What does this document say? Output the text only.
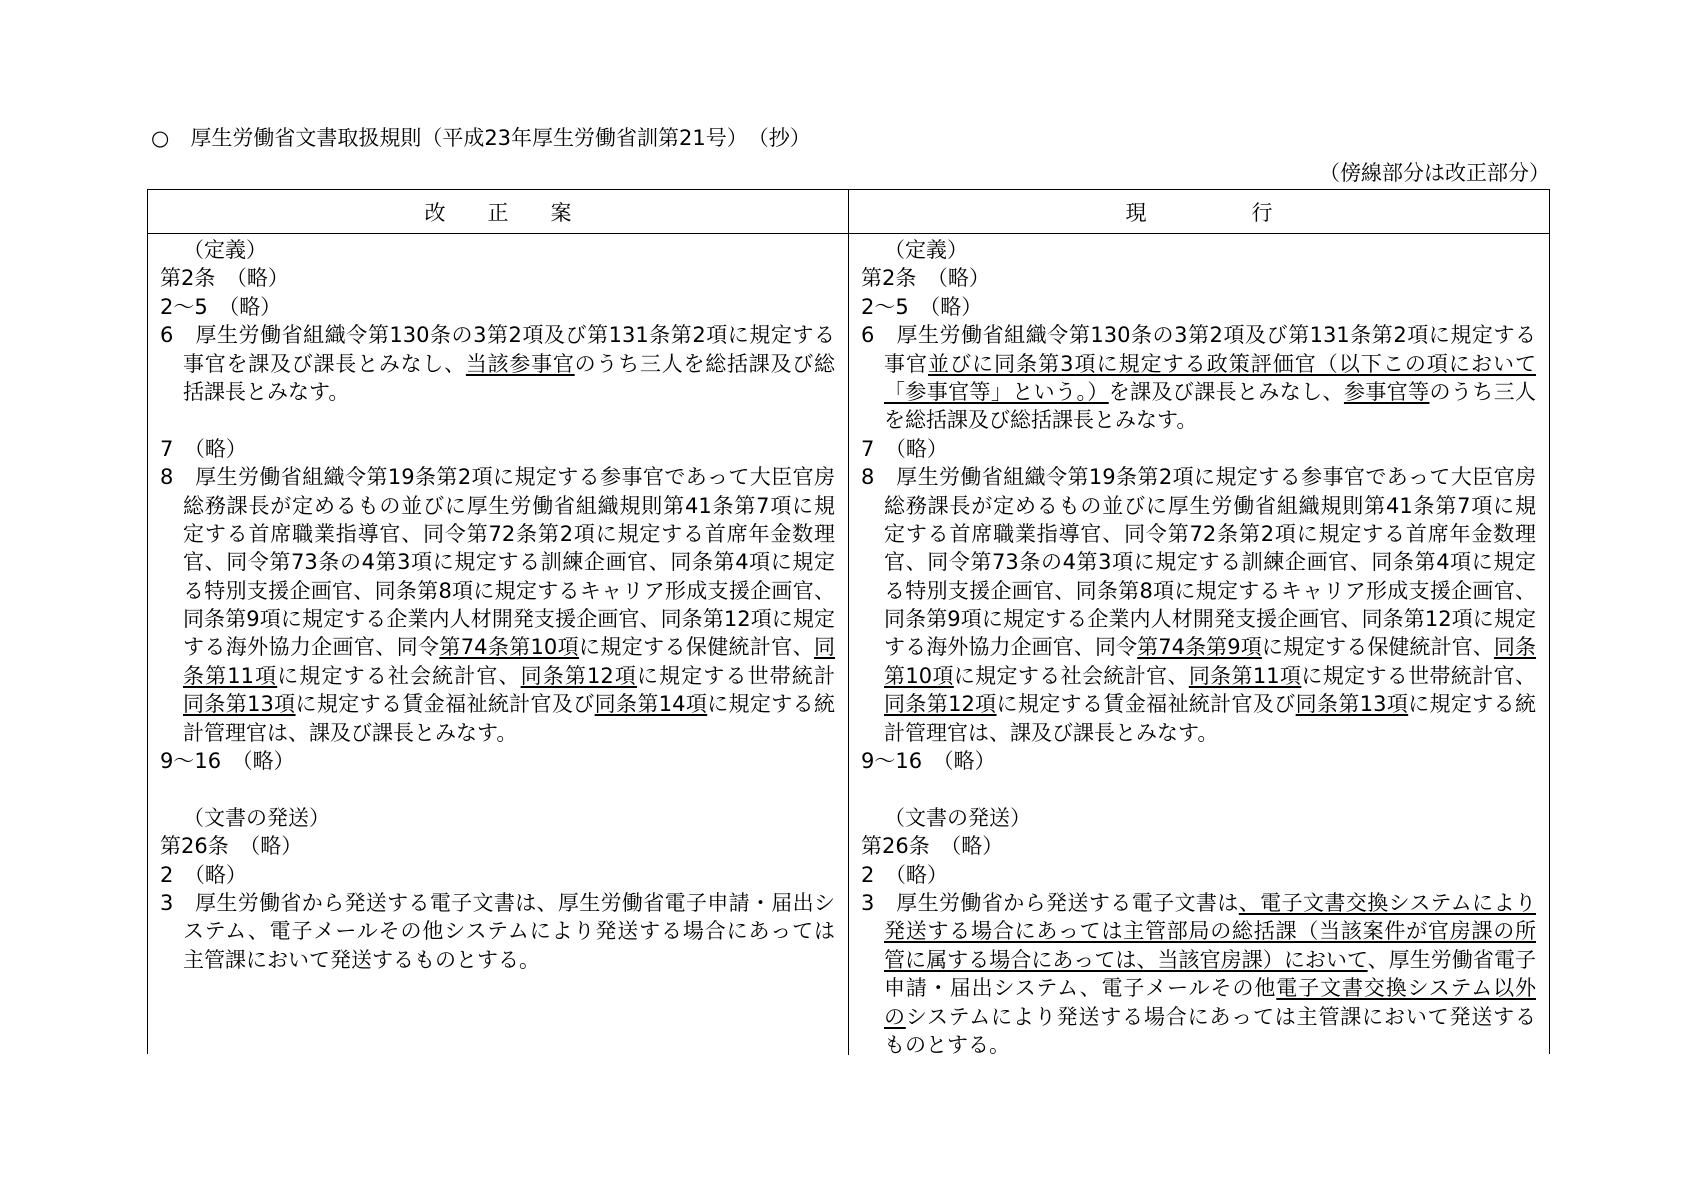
○　厚生労働省文書取扱規則（平成23年厚生労働省訓第21号）　（抄）
（傍線部分は改正部分）
改　　正　　案	現　　　　　行
（定義）
第2条　（略）
2～5　（略）
6　厚生労働省組織令第130条の3第2項及び第131条第2項に規定する
事官を課及び課長とみなし、当該参事官のうち三人を総括課及び総
括課長とみなす。
7　（略）
8　厚生労働省組織令第19条第2項に規定する参事官であって大臣官房
総務課長が定めるもの並びに厚生労働省組織規則第41条第7項に規
定する首席職業指導官、同令第72条第2項に規定する首席年金数理
官、同令第73条の4第3項に規定する訓練企画官、同条第4項に規定
る特別支援企画官、同条第8項に規定するキャリア形成支援企画官、
同条第9項に規定する企業内人材開発支援企画官、同条第12項に規定
する海外協力企画官、同令第74条第10項に規定する保健統計官、同
条第11項に規定する社会統計官、同条第12項に規定する世帯統計
同条第13項に規定する賃金福祉統計官及び同条第14項に規定する統
計管理官は、課及び課長とみなす。
9～16　（略）
（文書の発送）
第26条　（略）
2　（略）
3　厚生労働省から発送する電子文書は、厚生労働省電子申請・届出シ
ステム、電子メールその他システムにより発送する場合にあっては
主管課において発送するものとする。
（定義）
第2条　（略）
2～5　（略）
6　厚生労働省組織令第130条の3第2項及び第131条第2項に規定する
事官並びに同条第3項に規定する政策評価官（以下この項において
「参事官等」という。）を課及び課長とみなし、参事官等のうち三人
を総括課及び総括課長とみなす。
7　（略）
8　厚生労働省組織令第19条第2項に規定する参事官であって大臣官房
総務課長が定めるもの並びに厚生労働省組織規則第41条第7項に規
定する首席職業指導官、同令第72条第2項に規定する首席年金数理
官、同令第73条の4第3項に規定する訓練企画官、同条第4項に規定
る特別支援企画官、同条第8項に規定するキャリア形成支援企画官、
同条第9項に規定する企業内人材開発支援企画官、同条第12項に規定
する海外協力企画官、同令第74条第9項に規定する保健統計官、同条
第10項に規定する社会統計官、同条第11項に規定する世帯統計官、
同条第12項に規定する賃金福祉統計官及び同条第13項に規定する統
計管理官は、課及び課長とみなす。
9～16　（略）
（文書の発送）
第26条　（略）
2　（略）
3　厚生労働省から発送する電子文書は、電子文書交換システムにより
発送する場合にあっては主管部局の総括課（当該案件が官房課の所
管に属する場合にあっては、当該官房課）において、厚生労働省電子
申請・届出システム、電子メールその他電子文書交換システム以外
のシステムにより発送する場合にあっては主管課において発送する
ものとする。
